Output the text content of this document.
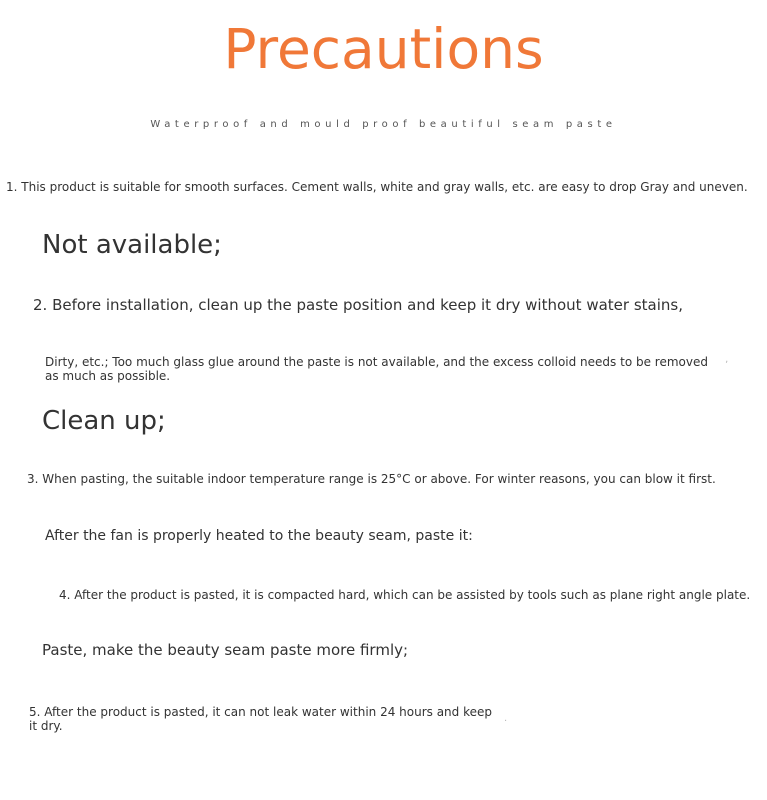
Precautions
Waterproof and mould proof beautiful seam paste
1. This product is suitable for smooth surfaces. Cement walls, white and gray walls, etc. are easy to drop Gray and uneven.
Not available;
2. Before installation, clean up the paste position and keep it dry without water stains,
Dirty, etc.; Too much glass glue around the paste is not available, and the excess colloid needs to be removed as much as possible.
Clean up;
3. When pasting, the suitable indoor temperature range is 25°C or above. For winter reasons, you can blow it first.
After the fan is properly heated to the beauty seam, paste it:
4. After the product is pasted, it is compacted hard, which can be assisted by tools such as plane right angle plate.
Paste, make the beauty seam paste more firmly;
5. After the product is pasted, it can not leak water within 24 hours and keep it dry.
ʼ
·
